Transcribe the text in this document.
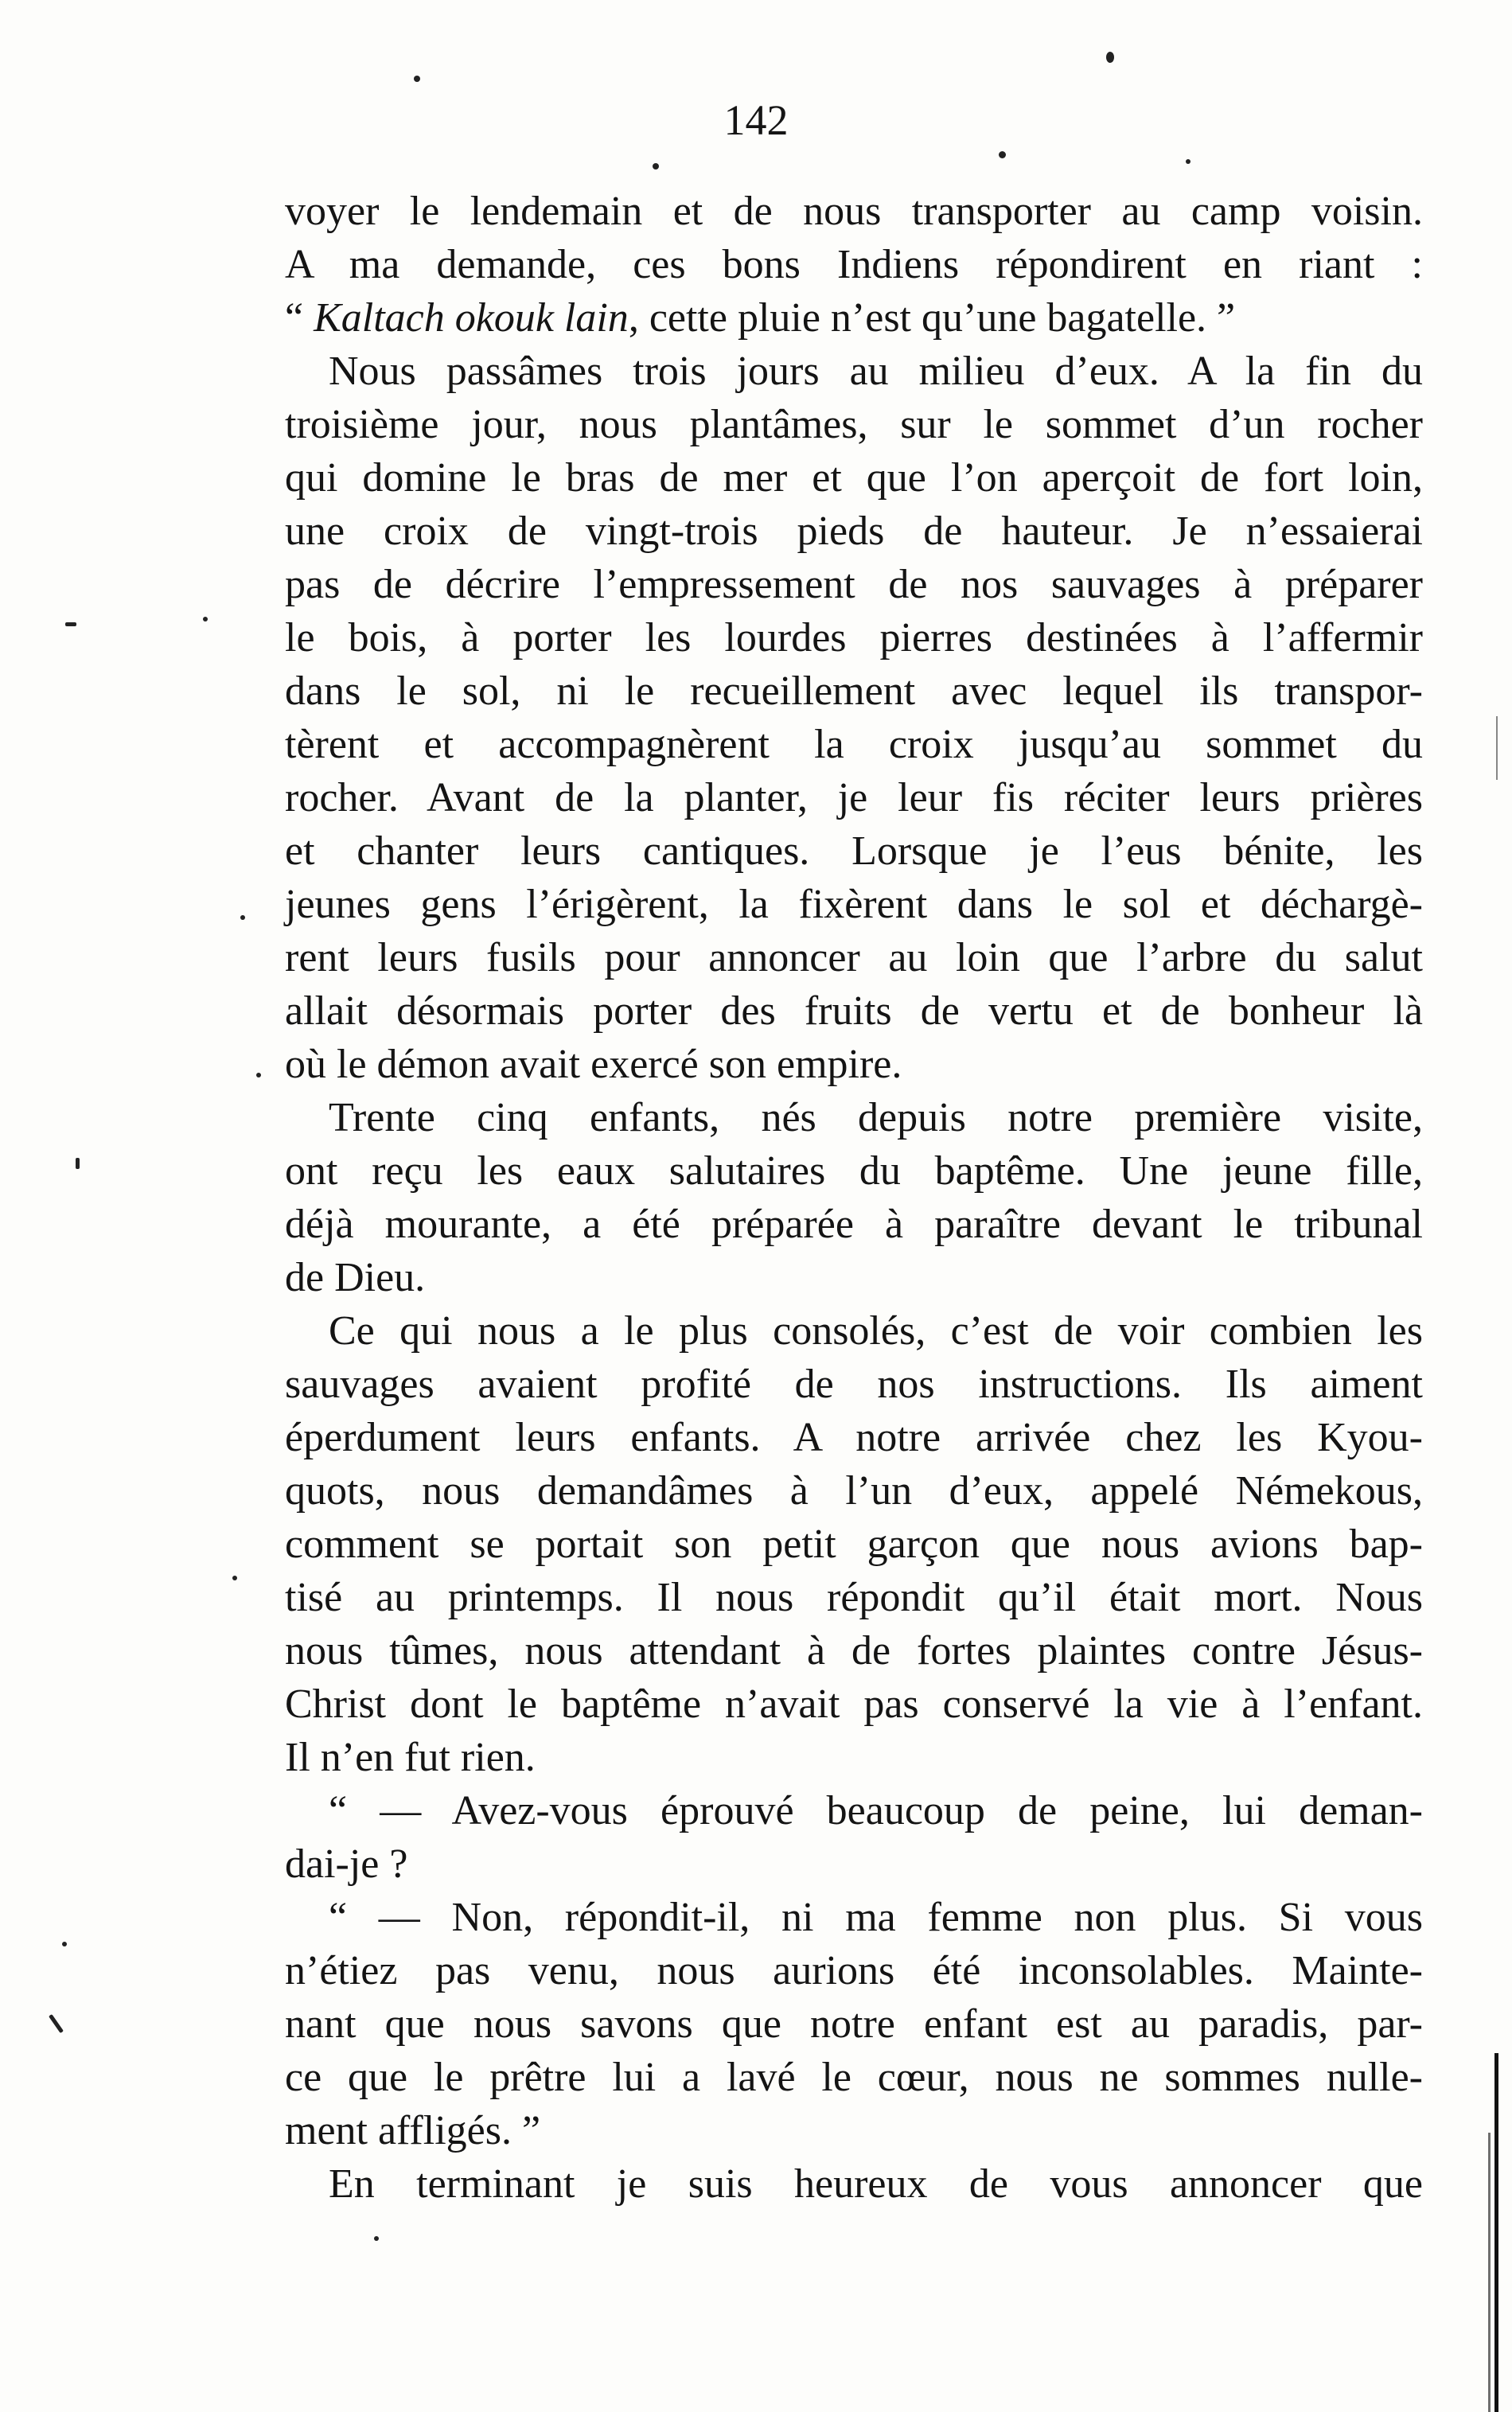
142
voyer le lendemain et de nous transporter au camp voisin.
A ma demande, ces bons Indiens répondirent en riant :
“ Kaltach okouk lain, cette pluie n’est qu’une bagatelle. ”
Nous passâmes trois jours au milieu d’eux. A la fin du
troisième jour, nous plantâmes, sur le sommet d’un rocher
qui domine le bras de mer et que l’on aperçoit de fort loin,
une croix de vingt-trois pieds de hauteur. Je n’essaierai
pas de décrire l’empressement de nos sauvages à préparer
le bois, à porter les lourdes pierres destinées à l’affermir
dans le sol, ni le recueillement avec lequel ils transpor-
tèrent et accompagnèrent la croix jusqu’au sommet du
rocher. Avant de la planter, je leur fis réciter leurs prières
et chanter leurs cantiques. Lorsque je l’eus bénite, les
jeunes gens l’érigèrent, la fixèrent dans le sol et déchargè-
rent leurs fusils pour annoncer au loin que l’arbre du salut
allait désormais porter des fruits de vertu et de bonheur là
où le démon avait exercé son empire.
Trente cinq enfants, nés depuis notre première visite,
ont reçu les eaux salutaires du baptême. Une jeune fille,
déjà mourante, a été préparée à paraître devant le tribunal
de Dieu.
Ce qui nous a le plus consolés, c’est de voir combien les
sauvages avaient profité de nos instructions. Ils aiment
éperdument leurs enfants. A notre arrivée chez les Kyou-
quots, nous demandâmes à l’un d’eux, appelé Némekous,
comment se portait son petit garçon que nous avions bap-
tisé au printemps. Il nous répondit qu’il était mort. Nous
nous tûmes, nous attendant à de fortes plaintes contre Jésus-
Christ dont le baptême n’avait pas conservé la vie à l’enfant.
Il n’en fut rien.
“ — Avez-vous éprouvé beaucoup de peine, lui deman-
dai-je ?
“ — Non, répondit-il, ni ma femme non plus. Si vous
n’étiez pas venu, nous aurions été inconsolables. Mainte-
nant que nous savons que notre enfant est au paradis, par-
ce que le prêtre lui a lavé le cœur, nous ne sommes nulle-
ment affligés. ”
En terminant je suis heureux de vous annoncer que
